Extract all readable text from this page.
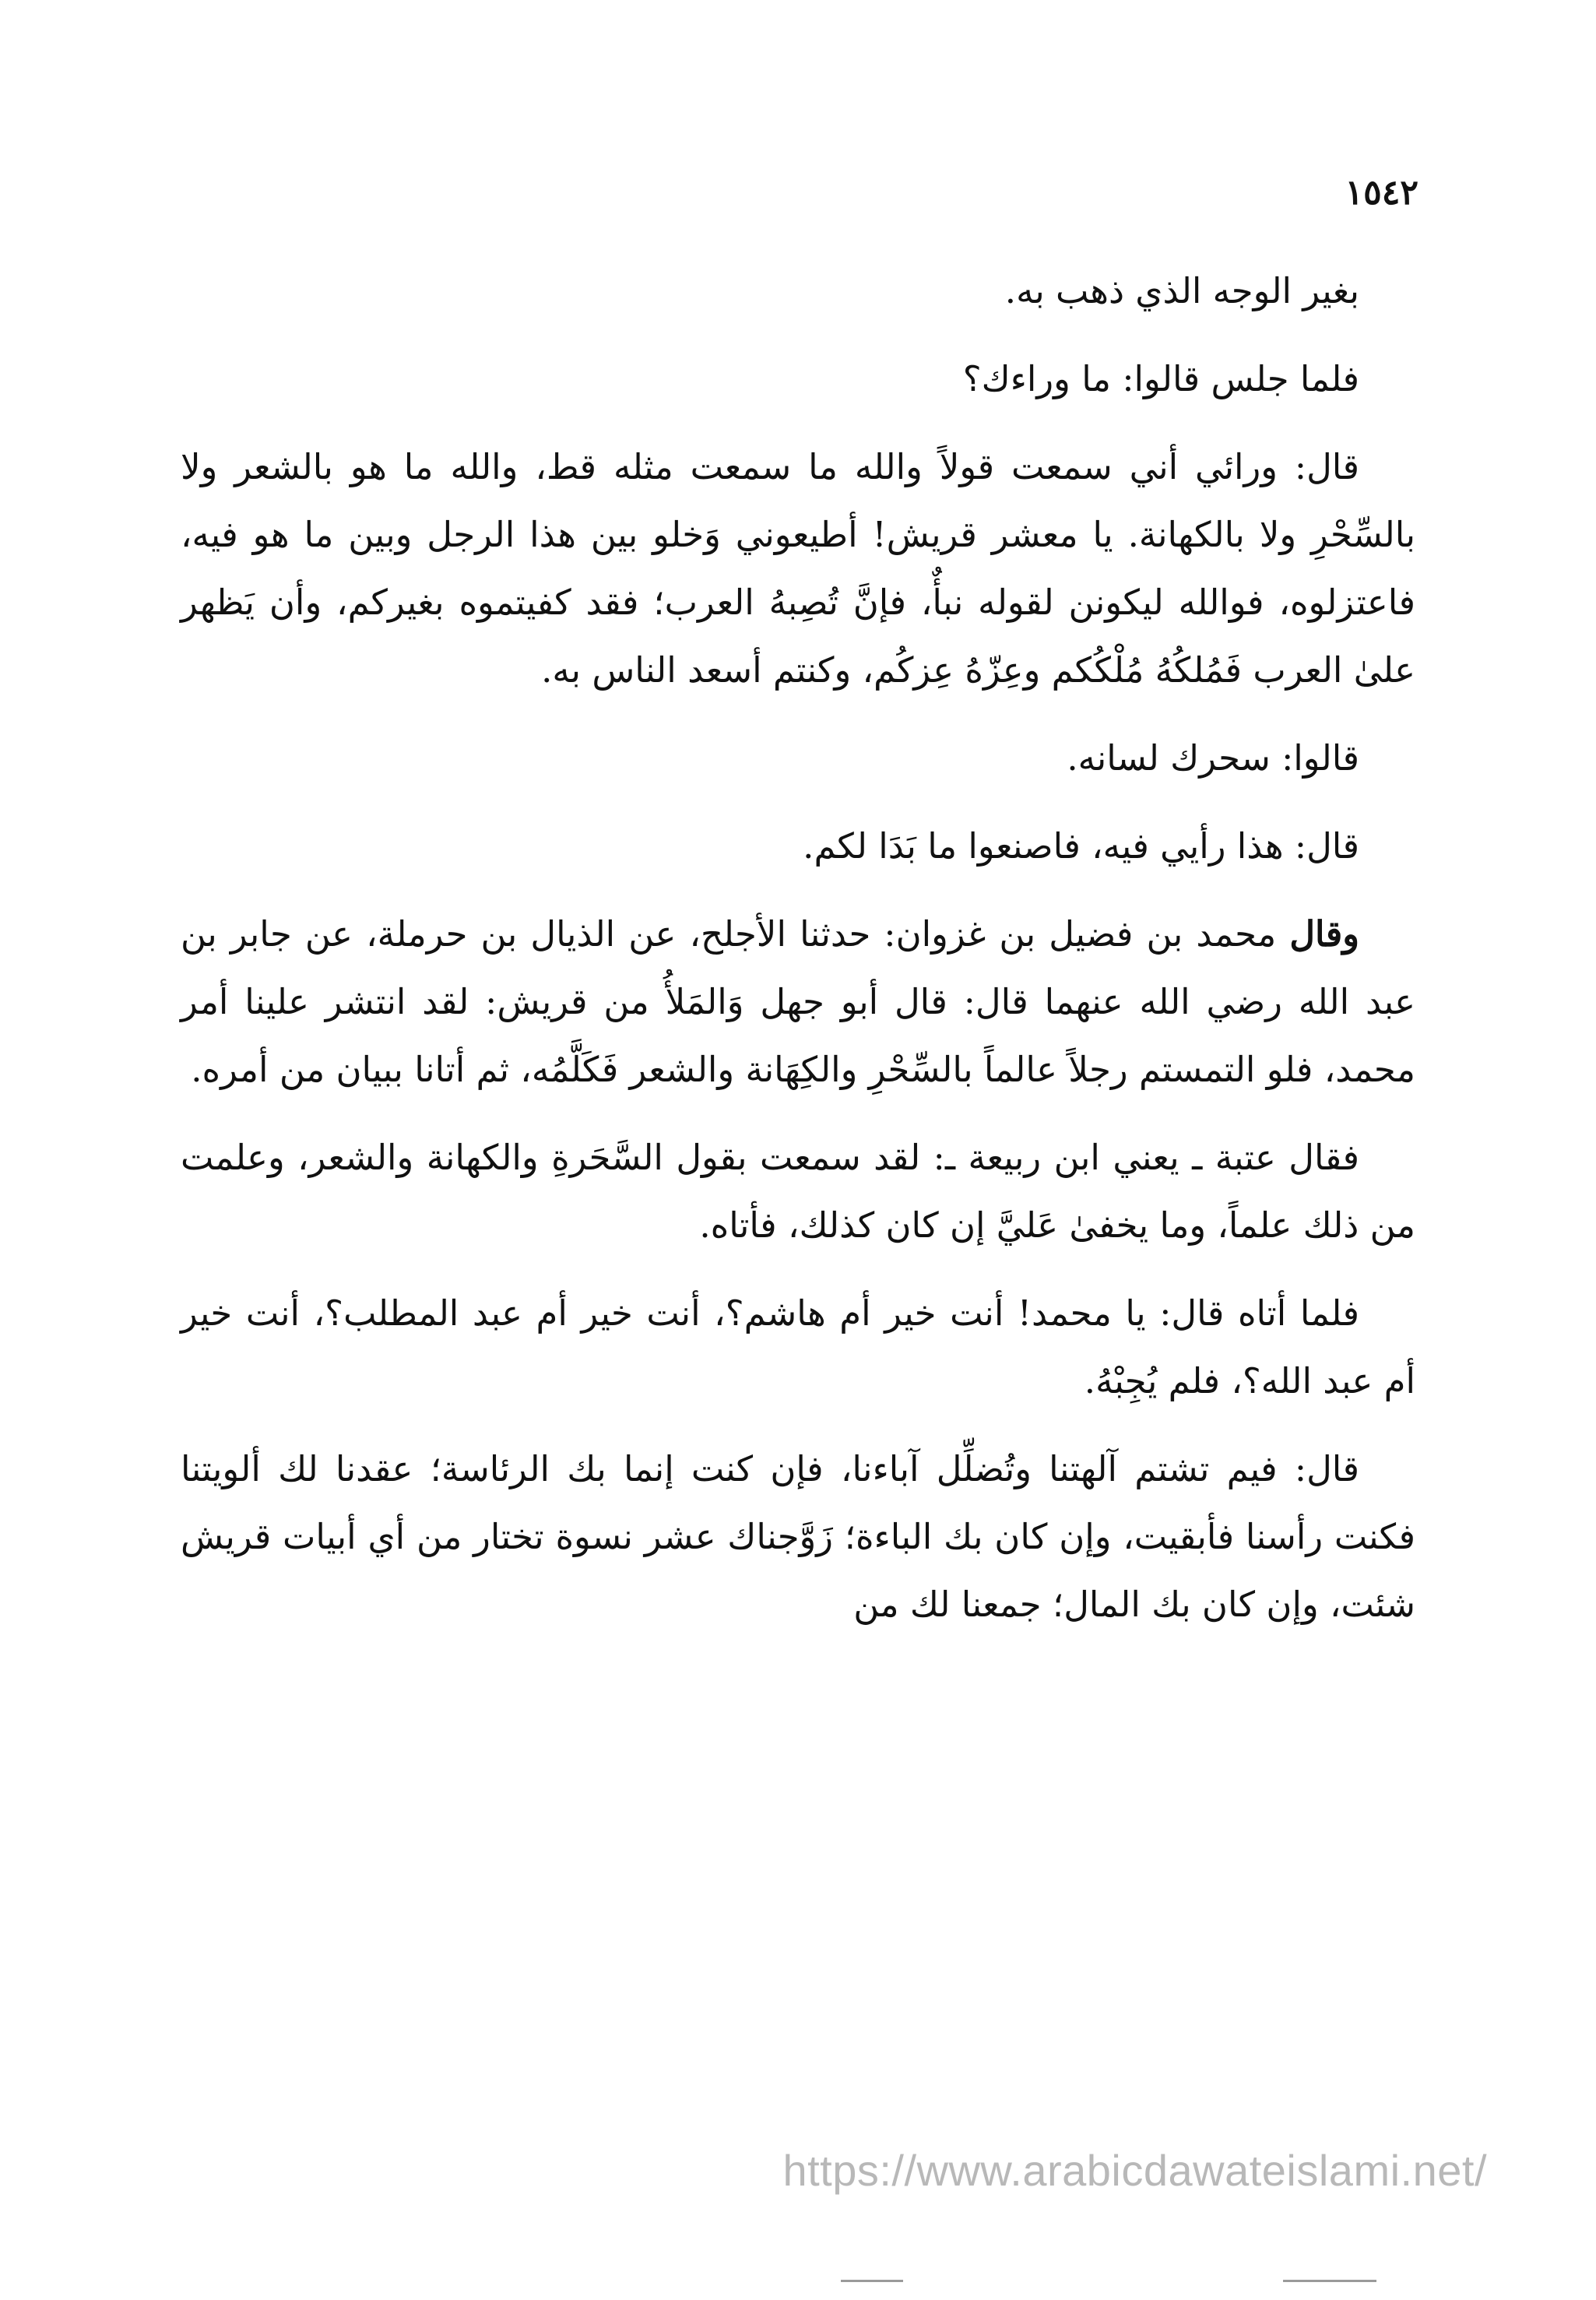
١٥٤٢

بغير الوجه الذي ذهب به.

فلما جلس قالوا: ما وراءك؟

قال: ورائي أني سمعت قولاً والله ما سمعت مثله قط، والله ما هو بالشعر ولا بالسِّحْرِ ولا بالكهانة. يا معشر قريش! أطيعوني وَخلو بين هذا الرجل وبين ما هو فيه، فاعتزلوه، فوالله ليكونن لقوله نبأٌ، فإنَّ تُصِبهُ العرب؛ فقد كفيتموه بغيركم، وأن يَظهر علىٰ العرب فَمُلكُهُ مُلْكُكم وعِزّهُ عِزكُم، وكنتم أسعد الناس به.

قالوا: سحرك لسانه.

قال: هذا رأيي فيه، فاصنعوا ما بَدَا لكم.

وقال محمد بن فضيل بن غزوان: حدثنا الأجلح، عن الذيال بن حرملة، عن جابر بن عبد الله رضي الله عنهما قال: قال أبو جهل وَالمَلأُ من قريش: لقد انتشر علينا أمر محمد، فلو التمستم رجلاً عالماً بالسِّحْرِ والكِهَانة والشعر فَكَلَّمُه، ثم أتانا ببيان من أمره.

فقال عتبة ـ يعني ابن ربيعة ـ: لقد سمعت بقول السَّحَرةِ والكهانة والشعر، وعلمت من ذلك علماً، وما يخفىٰ عَليَّ إن كان كذلك، فأتاه.

فلما أتاه قال: يا محمد! أنت خير أم هاشم؟، أنت خير أم عبد المطلب؟، أنت خير أم عبد الله؟، فلم يُجِبْهُ.

قال: فيم تشتم آلهتنا وتُضلِّل آباءنا، فإن كنت إنما بك الرئاسة؛ عقدنا لك ألويتنا فكنت رأسنا فأبقيت، وإن كان بك الباءة؛ زَوَّجناك عشر نسوة تختار من أي أبيات قريش شئت، وإن كان بك المال؛ جمعنا لك من

https://www.arabicdawateislami.net/
